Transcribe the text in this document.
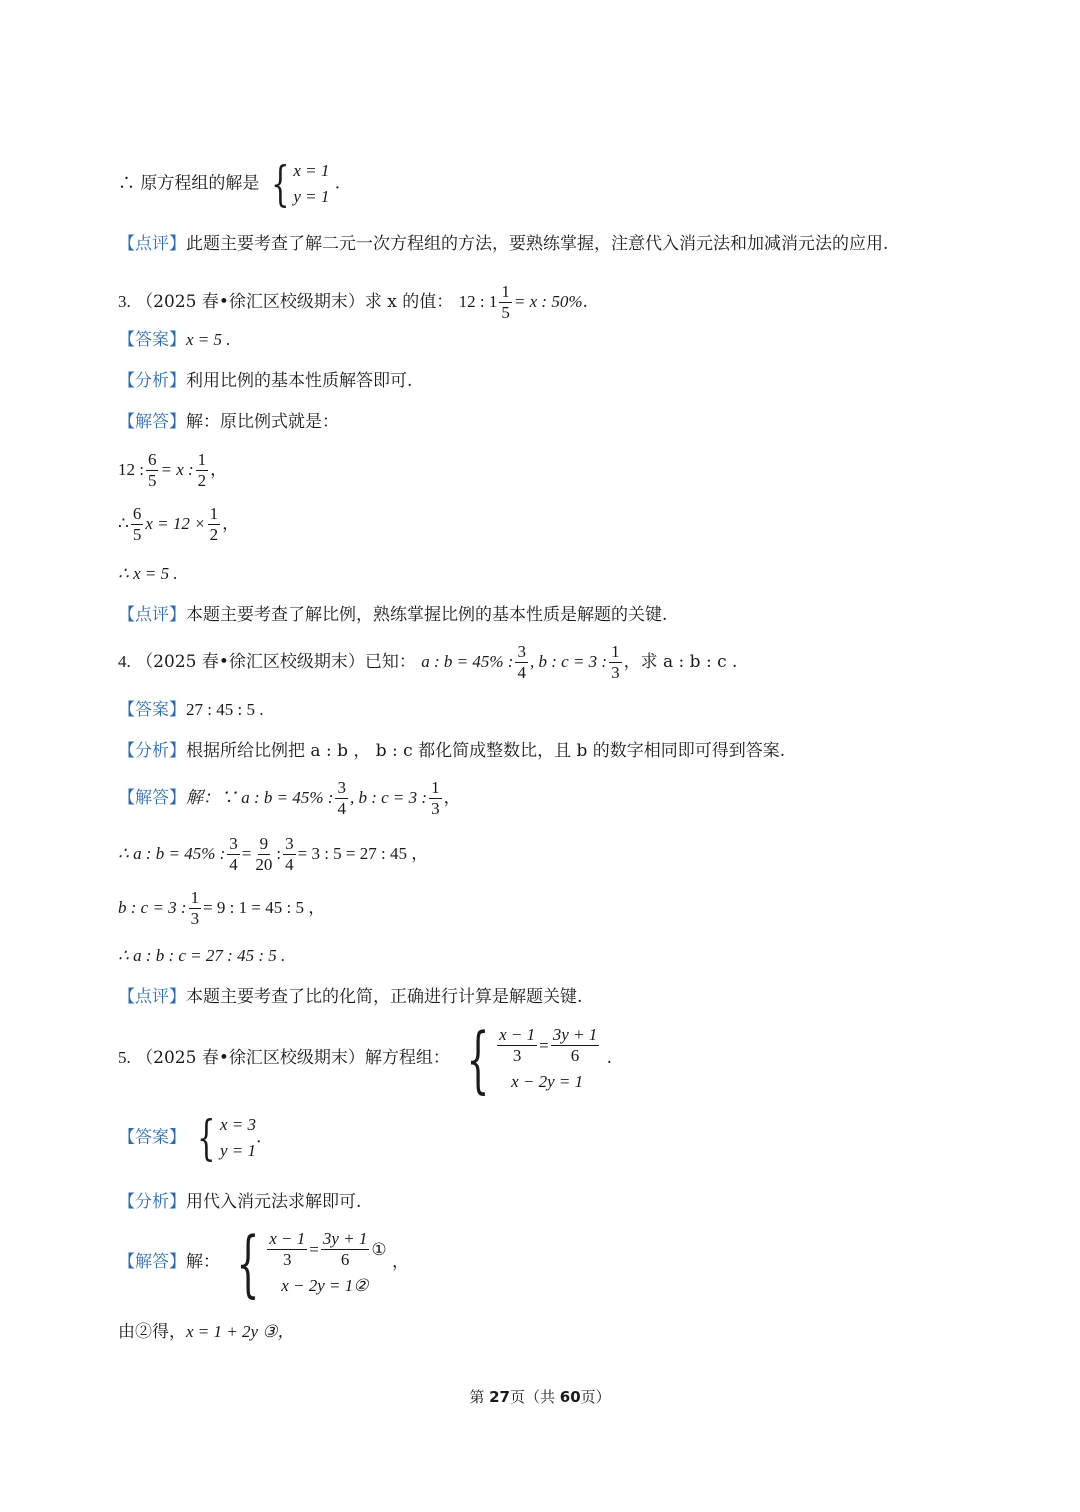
∴ 原方程组的解是 { x = 1
y = 1
.
【点评】此题主要考查了解二元一次方程组的方法，要熟练掌握，注意代入消元法和加减消元法的应用.
3. （2025 春•徐汇区校级期末）求 x 的值： 12 : $1 \frac{1}{5} = x$ : 50%.
【答案】x = 5 .
【分析】利用比例的基本性质解答即可.
【解答】解：原比例式就是：
12 : $\frac{6}{5} = x$ : $\frac{1}{2}$ ，
∴ $\frac{6}{5}$ $x = 12 \times \frac{1}{2}$ ，
∴ x = 5 .
【点评】本题主要考查了解比例，熟练掌握比例的基本性质是解题的关键.
4. （2025 春•徐汇区校级期末）已知： a : b = 45% : $\frac{3}{4}$ , b : c = 3 : $\frac{1}{3}$ ，求 a : b : c .
【答案】27 : 45 : 5 .
【分析】根据所给比例把 a : b ， b : c 都化简成整数比，且 b 的数字相同即可得到答案.
【解答】解：∵ a : b = 45% : $\frac{3}{4}$ , b : c = 3 : $\frac{1}{3}$ ，
∴ a : b = 45% : $\frac{3}{4} = \frac{9}{20}$ : $\frac{3}{4} = 3$ : 5 = 27 : 45 ，
b : c = 3 : $\frac{1}{3} = 9$ : 1 = 45 : 5 ，
∴ a : b : c = 27 : 45 : 5 .
【点评】本题主要考查了比的化简，正确进行计算是解题关键.
5. （2025 春•徐汇区校级期末）解方程组： { $\frac{x - 1}{3} = \frac{3y + 1}{6}$
x − 2y = 1
.
【答案】 { x = 3
y = 1
.
【分析】用代入消元法求解即可.
【解答】解： { $\frac{x - 1}{3} = \frac{3y + 1}{6}$ ①
x − 2y = 1②
，
由②得，x = 1 + 2y ③，
第 27页（共 60页）
